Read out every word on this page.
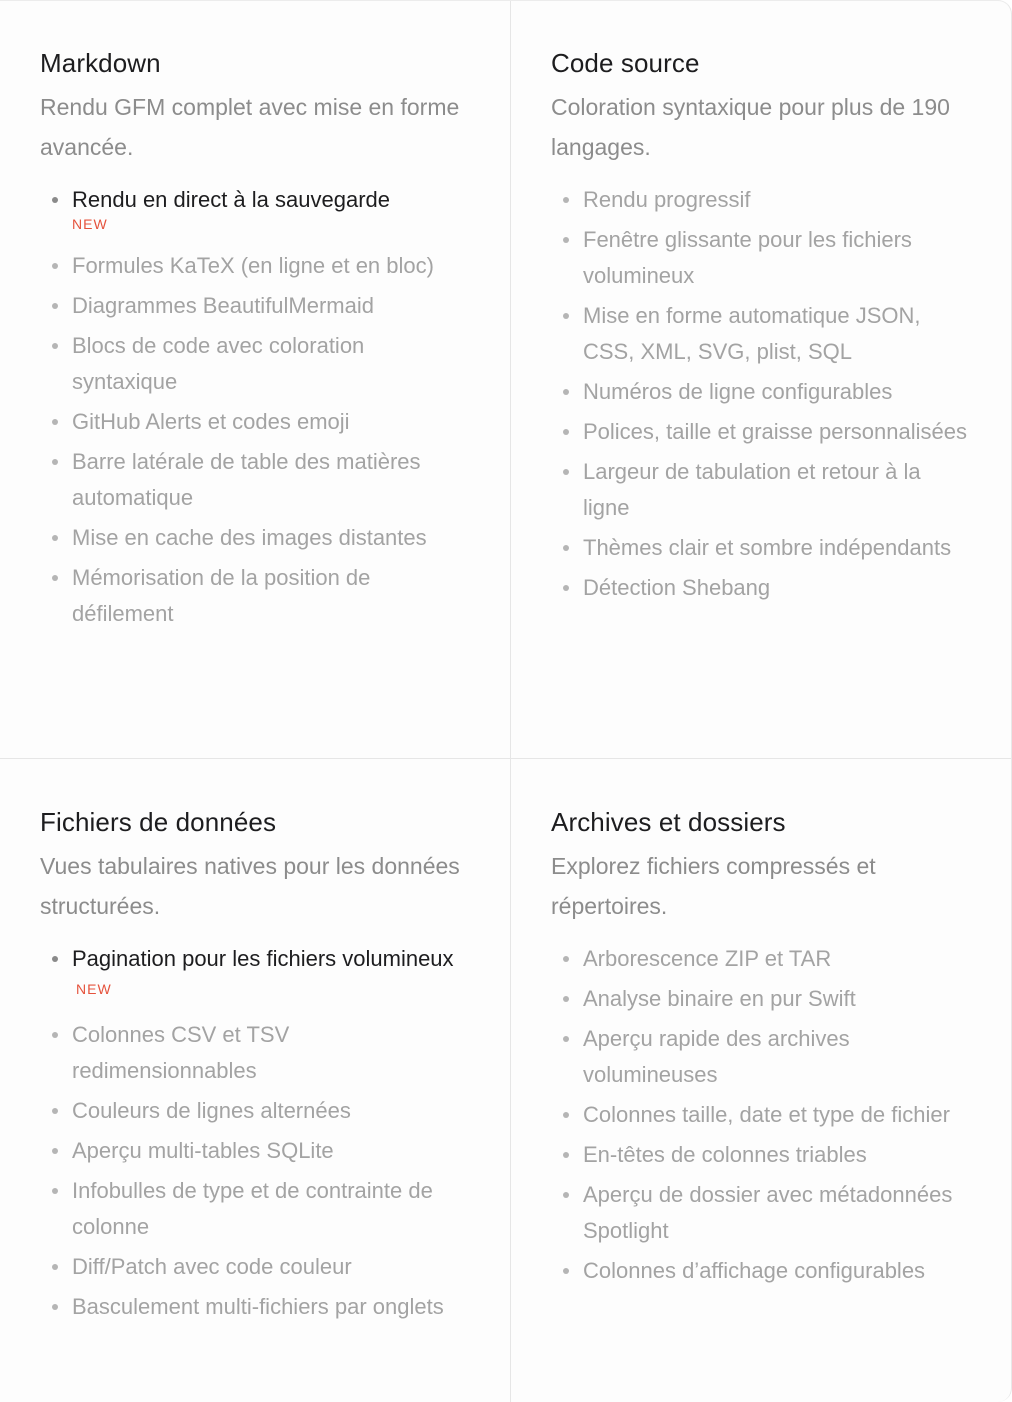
Markdown

Rendu GFM complet avec mise en forme avancée.

Rendu en direct à la sauvegarde
NEW
Formules KaTeX (en ligne et en bloc)
Diagrammes BeautifulMermaid
Blocs de code avec coloration syntaxique
GitHub Alerts et codes emoji
Barre latérale de table des matières automatique
Mise en cache des images distantes
Mémorisation de la position de défilement
Code source

Coloration syntaxique pour plus de 190 langages.

Rendu progressif
Fenêtre glissante pour les fichiers volumineux
Mise en forme automatique JSON, CSS, XML, SVG, plist, SQL
Numéros de ligne configurables
Polices, taille et graisse personnalisées
Largeur de tabulation et retour à la ligne
Thèmes clair et sombre indépendants
Détection Shebang
Fichiers de données

Vues tabulaires natives pour les données structurées.

Pagination pour les fichiers volumineux $^{NEW}$
Colonnes CSV et TSV redimensionnables
Couleurs de lignes alternées
Aperçu multi-tables SQLite
Infobulles de type et de contrainte de colonne
Diff/Patch avec code couleur
Basculement multi-fichiers par onglets
Archives et dossiers

Explorez fichiers compressés et répertoires.

Arborescence ZIP et TAR
Analyse binaire en pur Swift
Aperçu rapide des archives volumineuses
Colonnes taille, date et type de fichier
En-têtes de colonnes triables
Aperçu de dossier avec métadonnées Spotlight
Colonnes d’affichage configurables
